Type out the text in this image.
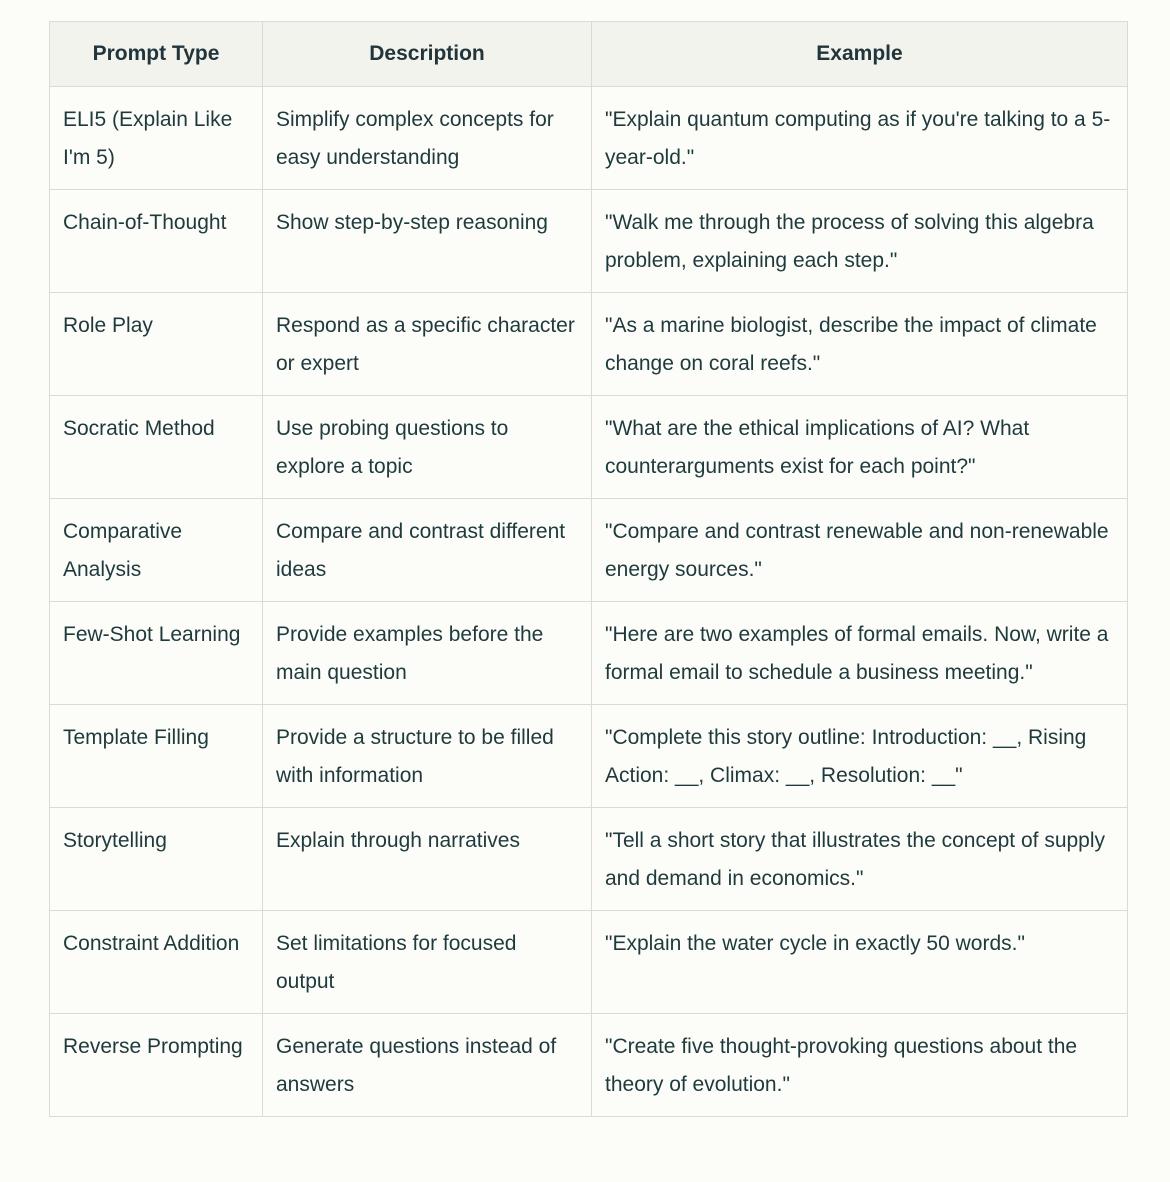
Prompt Type	Description	Example
ELI5 (Explain Like I'm 5)	Simplify complex concepts for easy understanding	"Explain quantum computing as if you're talking to a 5-year-old."
Chain-of-Thought	Show step-by-step reasoning	"Walk me through the process of solving this algebra problem, explaining each step."
Role Play	Respond as a specific character or expert	"As a marine biologist, describe the impact of climate change on coral reefs."
Socratic Method	Use probing questions to explore a topic	"What are the ethical implications of AI? What counterarguments exist for each point?"
Comparative Analysis	Compare and contrast different ideas	"Compare and contrast renewable and non-renewable energy sources."
Few-Shot Learning	Provide examples before the main question	"Here are two examples of formal emails. Now, write a formal email to schedule a business meeting."
Template Filling	Provide a structure to be filled with information	"Complete this story outline: Introduction: __, Rising Action: __, Climax: __, Resolution: __"
Storytelling	Explain through narratives	"Tell a short story that illustrates the concept of supply and demand in economics."
Constraint Addition	Set limitations for focused output	"Explain the water cycle in exactly 50 words."
Reverse Prompting	Generate questions instead of answers	"Create five thought-provoking questions about the theory of evolution."
